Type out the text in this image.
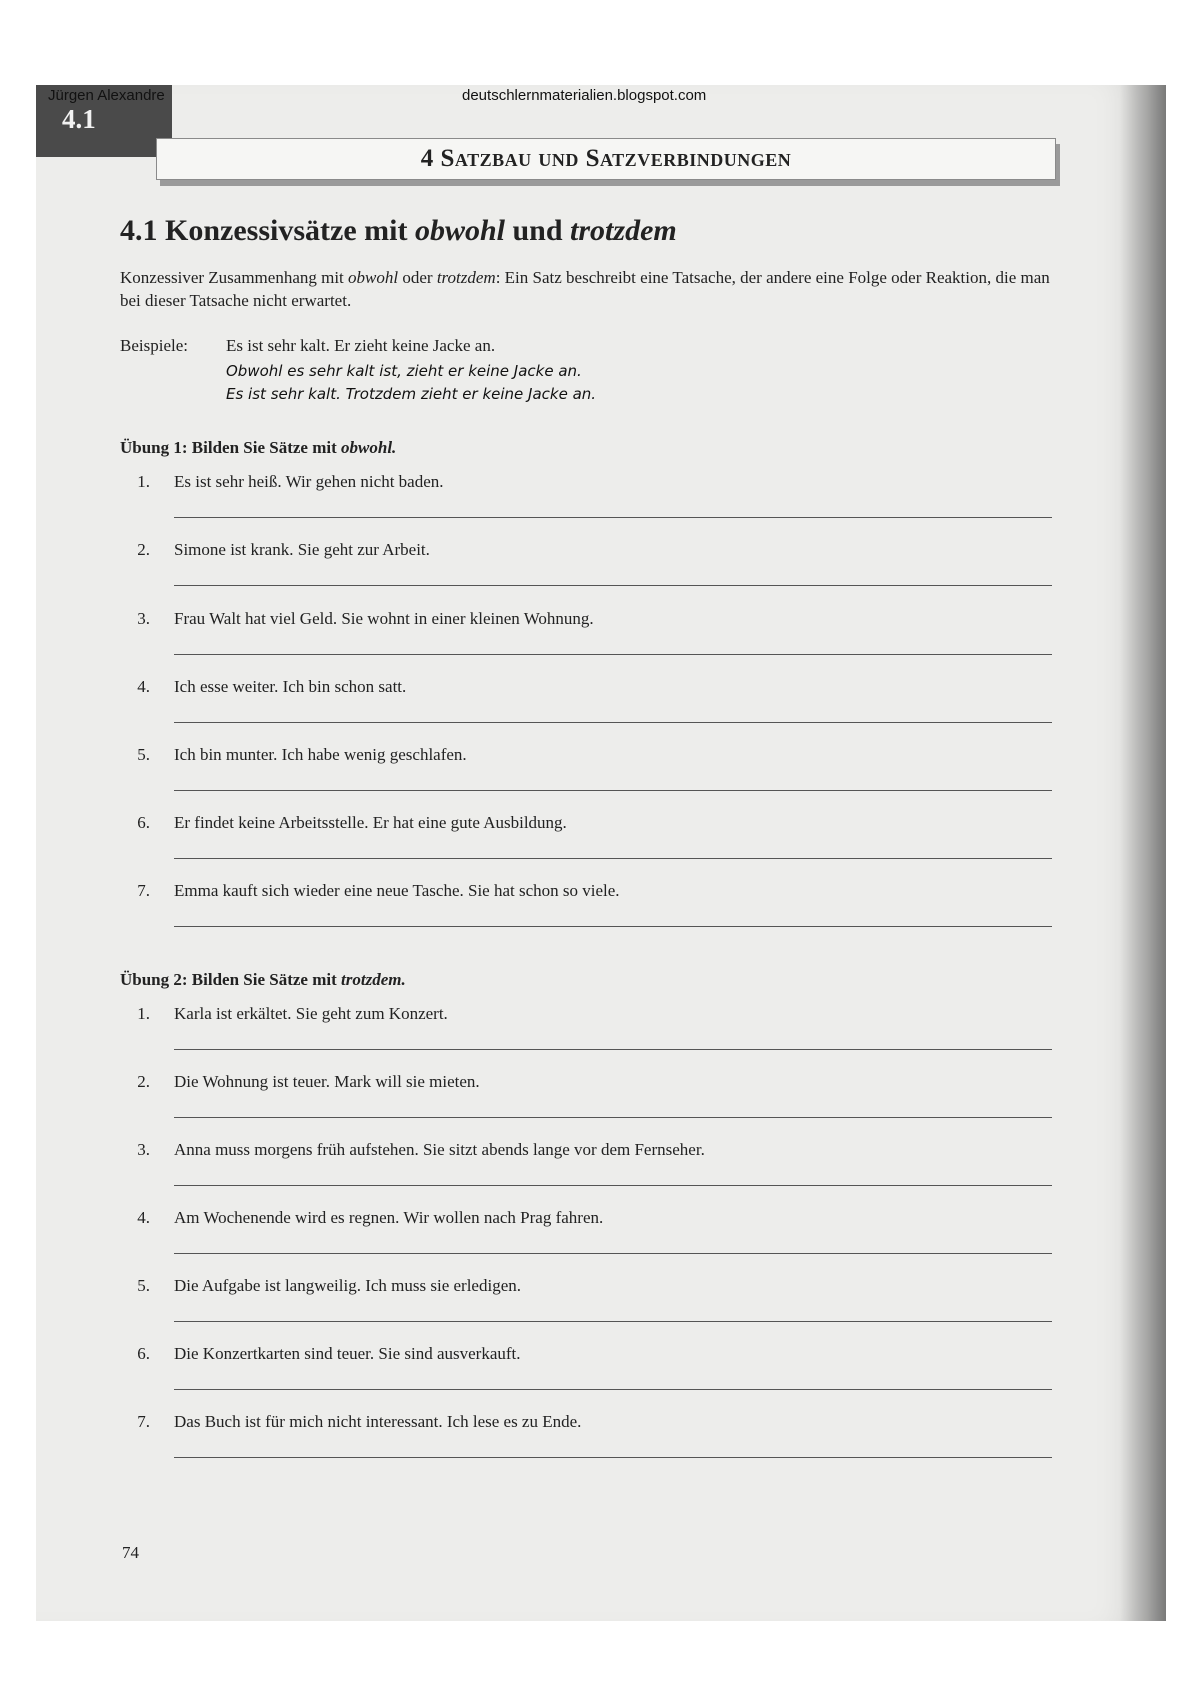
Jürgen Alexandre	deutschlernmaterialien.blogspot.com
4.1
4 Satzbau und Satzverbindungen
4.1 Konzessivsätze mit obwohl und trotzdem
Konzessiver Zusammenhang mit obwohl oder trotzdem: Ein Satz beschreibt eine Tatsache, der andere eine Folge oder Reaktion, die man bei dieser Tatsache nicht erwartet.
Beispiele: Es ist sehr kalt. Er zieht keine Jacke an.
Obwohl es sehr kalt ist, zieht er keine Jacke an.
Es ist sehr kalt. Trotzdem zieht er keine Jacke an.
Übung 1: Bilden Sie Sätze mit obwohl.
1. Es ist sehr heiß. Wir gehen nicht baden.
2. Simone ist krank. Sie geht zur Arbeit.
3. Frau Walt hat viel Geld. Sie wohnt in einer kleinen Wohnung.
4. Ich esse weiter. Ich bin schon satt.
5. Ich bin munter. Ich habe wenig geschlafen.
6. Er findet keine Arbeitsstelle. Er hat eine gute Ausbildung.
7. Emma kauft sich wieder eine neue Tasche. Sie hat schon so viele.
Übung 2: Bilden Sie Sätze mit trotzdem.
1. Karla ist erkältet. Sie geht zum Konzert.
2. Die Wohnung ist teuer. Mark will sie mieten.
3. Anna muss morgens früh aufstehen. Sie sitzt abends lange vor dem Fernseher.
4. Am Wochenende wird es regnen. Wir wollen nach Prag fahren.
5. Die Aufgabe ist langweilig. Ich muss sie erledigen.
6. Die Konzertkarten sind teuer. Sie sind ausverkauft.
7. Das Buch ist für mich nicht interessant. Ich lese es zu Ende.
74
